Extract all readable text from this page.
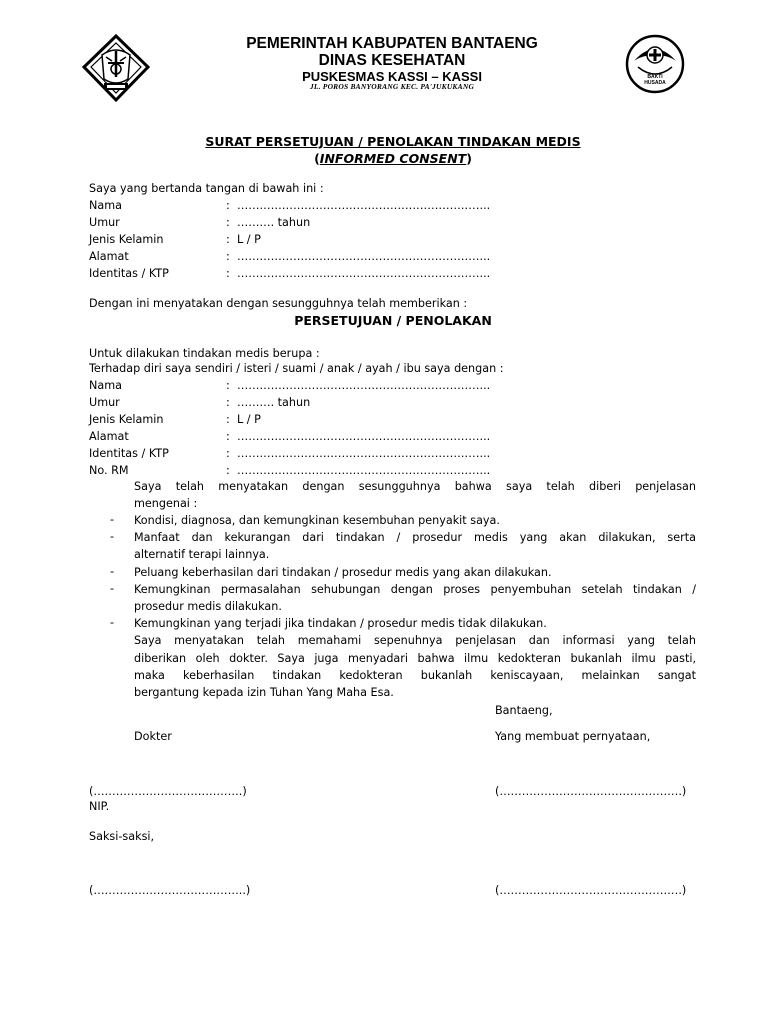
BAKTI HUSADA
PEMERINTAH KABUPATEN BANTAENG
DINAS KESEHATAN
PUSKESMAS KASSI – KASSI
JL. POROS BANYORANG KEC. PA'JUKUKANG
SURAT PERSETUJUAN / PENOLAKAN TINDAKAN MEDIS
(INFORMED CONSENT)
Saya yang bertanda tangan di bawah ini :
Nama	: …………………………………………………………..
Umur	: ………. tahun
Jenis Kelamin	: L / P
Alamat	: …………………………………………………………..
Identitas / KTP	: …………………………………………………………..
Dengan ini menyatakan dengan sesungguhnya telah memberikan :
PERSETUJUAN / PENOLAKAN
Untuk dilakukan tindakan medis berupa :
Terhadap diri saya sendiri / isteri / suami / anak / ayah / ibu saya dengan :
Nama	: …………………………………………………………..
Umur	: ………. tahun
Jenis Kelamin	: L / P
Alamat	: …………………………………………………………..
Identitas / KTP	: …………………………………………………………..
No. RM	: …………………………………………………………..
Saya telah menyatakan dengan sesungguhnya bahwa saya telah diberi penjelasan
mengenai :
- Kondisi, diagnosa, dan kemungkinan kesembuhan penyakit saya.
- Manfaat dan kekurangan dari tindakan / prosedur medis yang akan dilakukan, serta
alternatif terapi lainnya.
- Peluang keberhasilan dari tindakan / prosedur medis yang akan dilakukan.
- Kemungkinan permasalahan sehubungan dengan proses penyembuhan setelah tindakan /
prosedur medis dilakukan.
- Kemungkinan yang terjadi jika tindakan / prosedur medis tidak dilakukan.
Saya menyatakan telah memahami sepenuhnya penjelasan dan informasi yang telah
diberikan oleh dokter. Saya juga menyadari bahwa ilmu kedokteran bukanlah ilmu pasti,
maka keberhasilan tindakan kedokteran bukanlah keniscayaan, melainkan sangat
bergantung kepada izin Tuhan Yang Maha Esa.
Bantaeng,
Dokter	Yang membuat pernyataan,
(………………………………….)	(………………………………………….)
NIP.
Saksi-saksi,
(…………………………………..)	(………………………………………….)
